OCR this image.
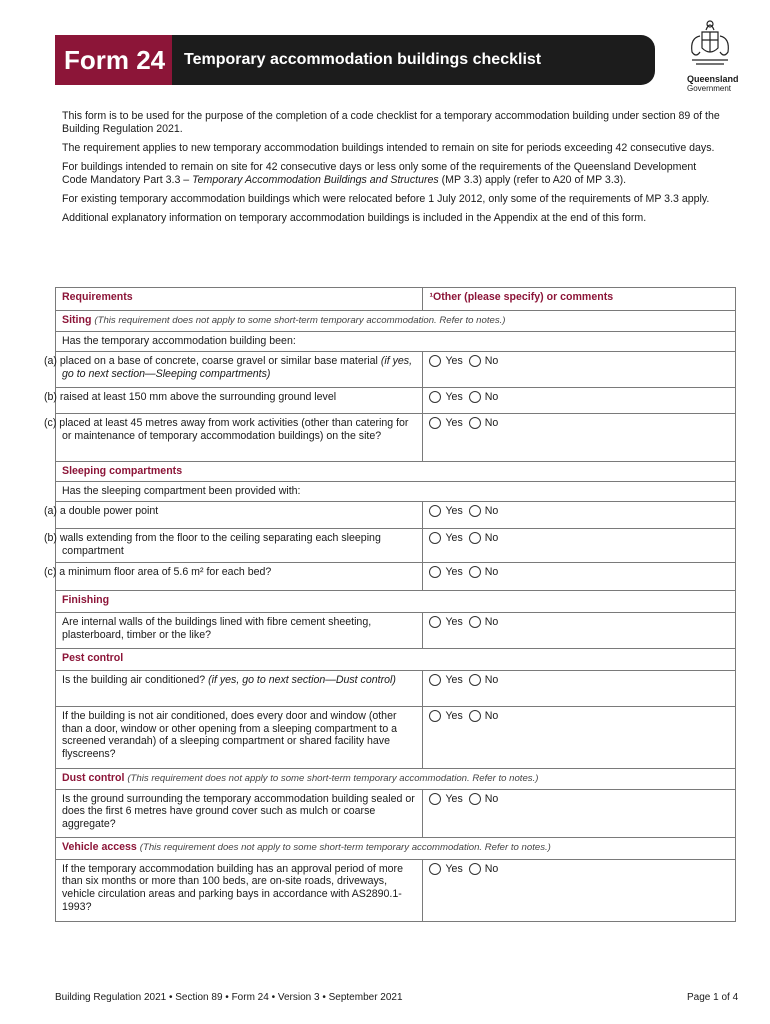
Form 24	Temporary accommodation buildings checklist
Queensland
Government

This form is to be used for the purpose of the completion of a code checklist for a temporary accommodation building under section 89 of the Building Regulation 2021.

The requirement applies to new temporary accommodation buildings intended to remain on site for periods exceeding 42 consecutive days.

For buildings intended to remain on site for 42 consecutive days or less only some of the requirements of the Queensland Development Code Mandatory Part 3.3 – Temporary Accommodation Buildings and Structures (MP 3.3) apply (refer to A20 of MP 3.3).

For existing temporary accommodation buildings which were relocated before 1 July 2012, only some of the requirements of MP 3.3 apply.

Additional explanatory information on temporary accommodation buildings is included in the Appendix at the end of this form.

Requirements	¹Other (please specify) or comments
Siting (This requirement does not apply to some short-term temporary accommodation. Refer to notes.)	
Has the temporary accommodation building been:	
(a) placed on a base of concrete, coarse gravel or similar base material (if yes, go to next section—Sleeping compartments)	Yes No
(b) raised at least 150 mm above the surrounding ground level	Yes No
(c) placed at least 45 metres away from work activities (other than catering for or maintenance of temporary accommodation buildings) on the site?	Yes No
Sleeping compartments	
Has the sleeping compartment been provided with:	
(a) a double power point	Yes No
(b) walls extending from the floor to the ceiling separating each sleeping compartment	Yes No
(c) a minimum floor area of 5.6 m² for each bed?	Yes No
Finishing	
Are internal walls of the buildings lined with fibre cement sheeting, plasterboard, timber or the like?	Yes No
Pest control	
Is the building air conditioned? (if yes, go to next section—Dust control)	Yes No
If the building is not air conditioned, does every door and window (other than a door, window or other opening from a sleeping compartment to a screened verandah) of a sleeping compartment or shared facility have flyscreens?	Yes No
Dust control (This requirement does not apply to some short-term temporary accommodation. Refer to notes.)	
Is the ground surrounding the temporary accommodation building sealed or does the first 6 metres have ground cover such as mulch or coarse aggregate?	Yes No
Vehicle access (This requirement does not apply to some short-term temporary accommodation. Refer to notes.)	
If the temporary accommodation building has an approval period of more than six months or more than 100 beds, are on-site roads, driveways, vehicle circulation areas and parking bays in accordance with AS2890.1-1993?	Yes No
Building Regulation 2021 • Section 89 • Form 24 • Version 3 • September 2021	Page 1 of 4
